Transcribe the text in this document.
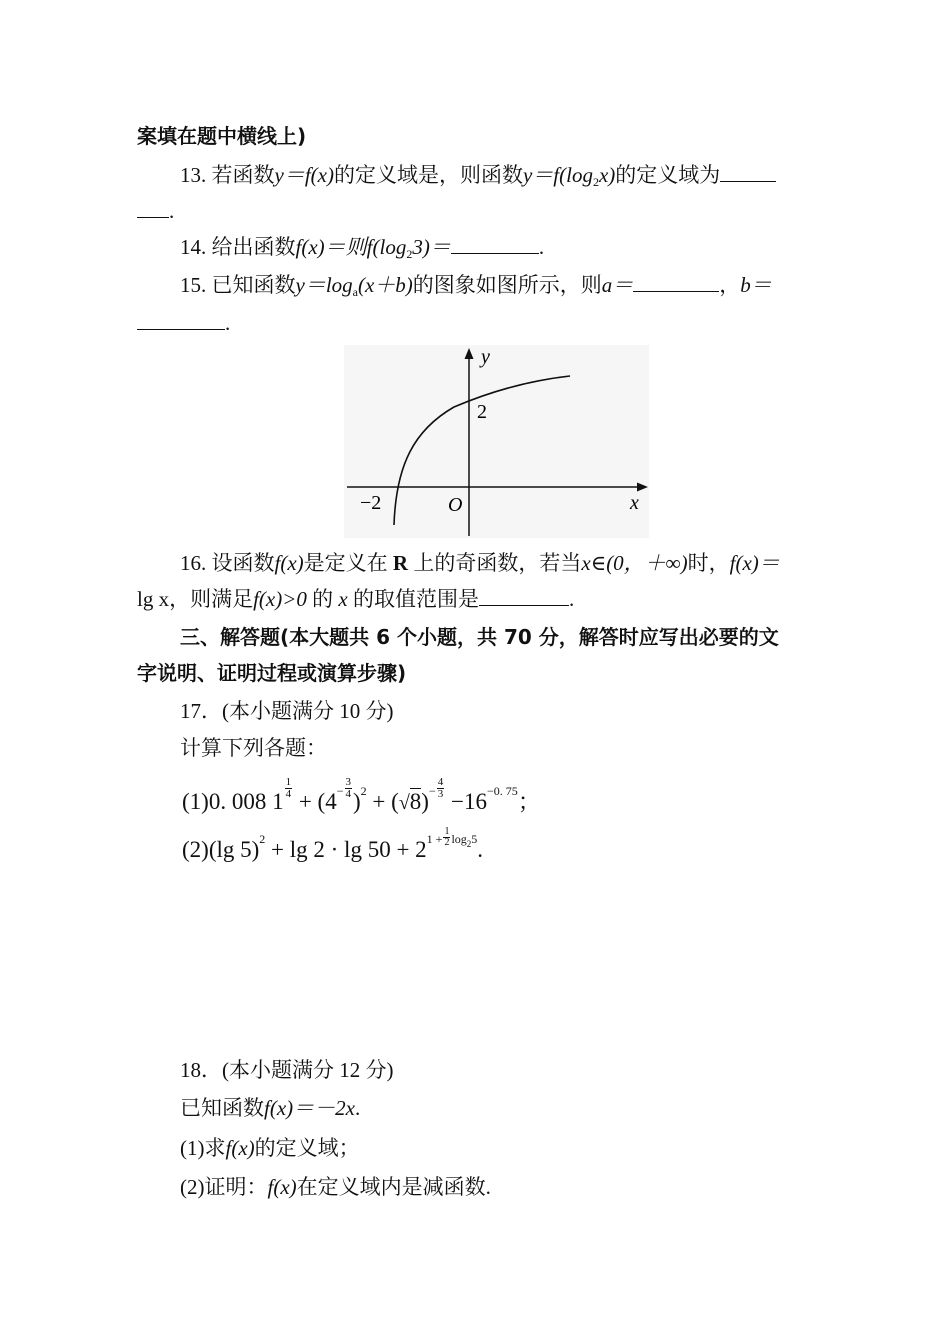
案填在题中横线上)
13. 若函数y＝f(x)的定义域是，则函数$y=f(\log_2x)$的定义域为
.
14. 给出函数f(x)＝则$f(\log_23)=$	.
15. 已知函数$y=\log_a(x+b)$的图象如图所示，则a＝	，b＝
.
y
x
O
−2
2
16. 设函数f(x)是定义在 R 上的奇函数，若当x∈(0，＋∞)时，f(x)＝
lg x，则满足f(x)>0 的 x 的取值范围是	.
三、解答题(本大题共 6 个小题，共 70 分，解答时应写出必要的文
字说明、证明过程或演算步骤)
17．(本小题满分 10 分)
计算下列各题：
(1)0. 008 1
$\frac{1}{4}$
+ ($4^- \frac{3}{4}$
)$^2 + (√8)^- \frac{4}{3}$
$-16^{-0. 75}$；
(2)(lg $5)^2 + \lg 2 \cdot \lg 50 + 2^{1 +} \frac{1}{2} ^{log25}$.
18．(本小题满分 12 分)
已知函数f(x)＝－2x.
(1)求f(x)的定义域；
(2)证明：f(x)在定义域内是减函数.
